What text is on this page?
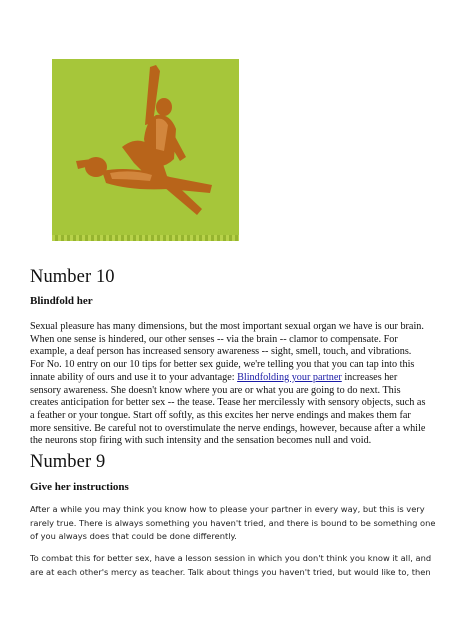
Number 10
Blindfold her
Sexual pleasure has many dimensions, but the most important sexual organ we have is our brain.
When one sense is hindered, our other senses -- via the brain -- clamor to compensate. For
example, a deaf person has increased sensory awareness -- sight, smell, touch, and vibrations.
For No. 10 entry on our 10 tips for better sex guide, we're telling you that you can tap into this
innate ability of ours and use it to your advantage: Blindfolding your partner increases her
sensory awareness. She doesn't know where you are or what you are going to do next. This
creates anticipation for better sex -- the tease. Tease her mercilessly with sensory objects, such as
a feather or your tongue. Start off softly, as this excites her nerve endings and makes them far
more sensitive. Be careful not to overstimulate the nerve endings, however, because after a while
the neurons stop firing with such intensity and the sensation becomes null and void.
Number 9
Give her instructions
After a while you may think you know how to please your partner in every way, but this is very
rarely true. There is always something you haven't tried, and there is bound to be something one
of you always does that could be done differently.
To combat this for better sex, have a lesson session in which you don't think you know it all, and
are at each other's mercy as teacher. Talk about things you haven't tried, but would like to, then
